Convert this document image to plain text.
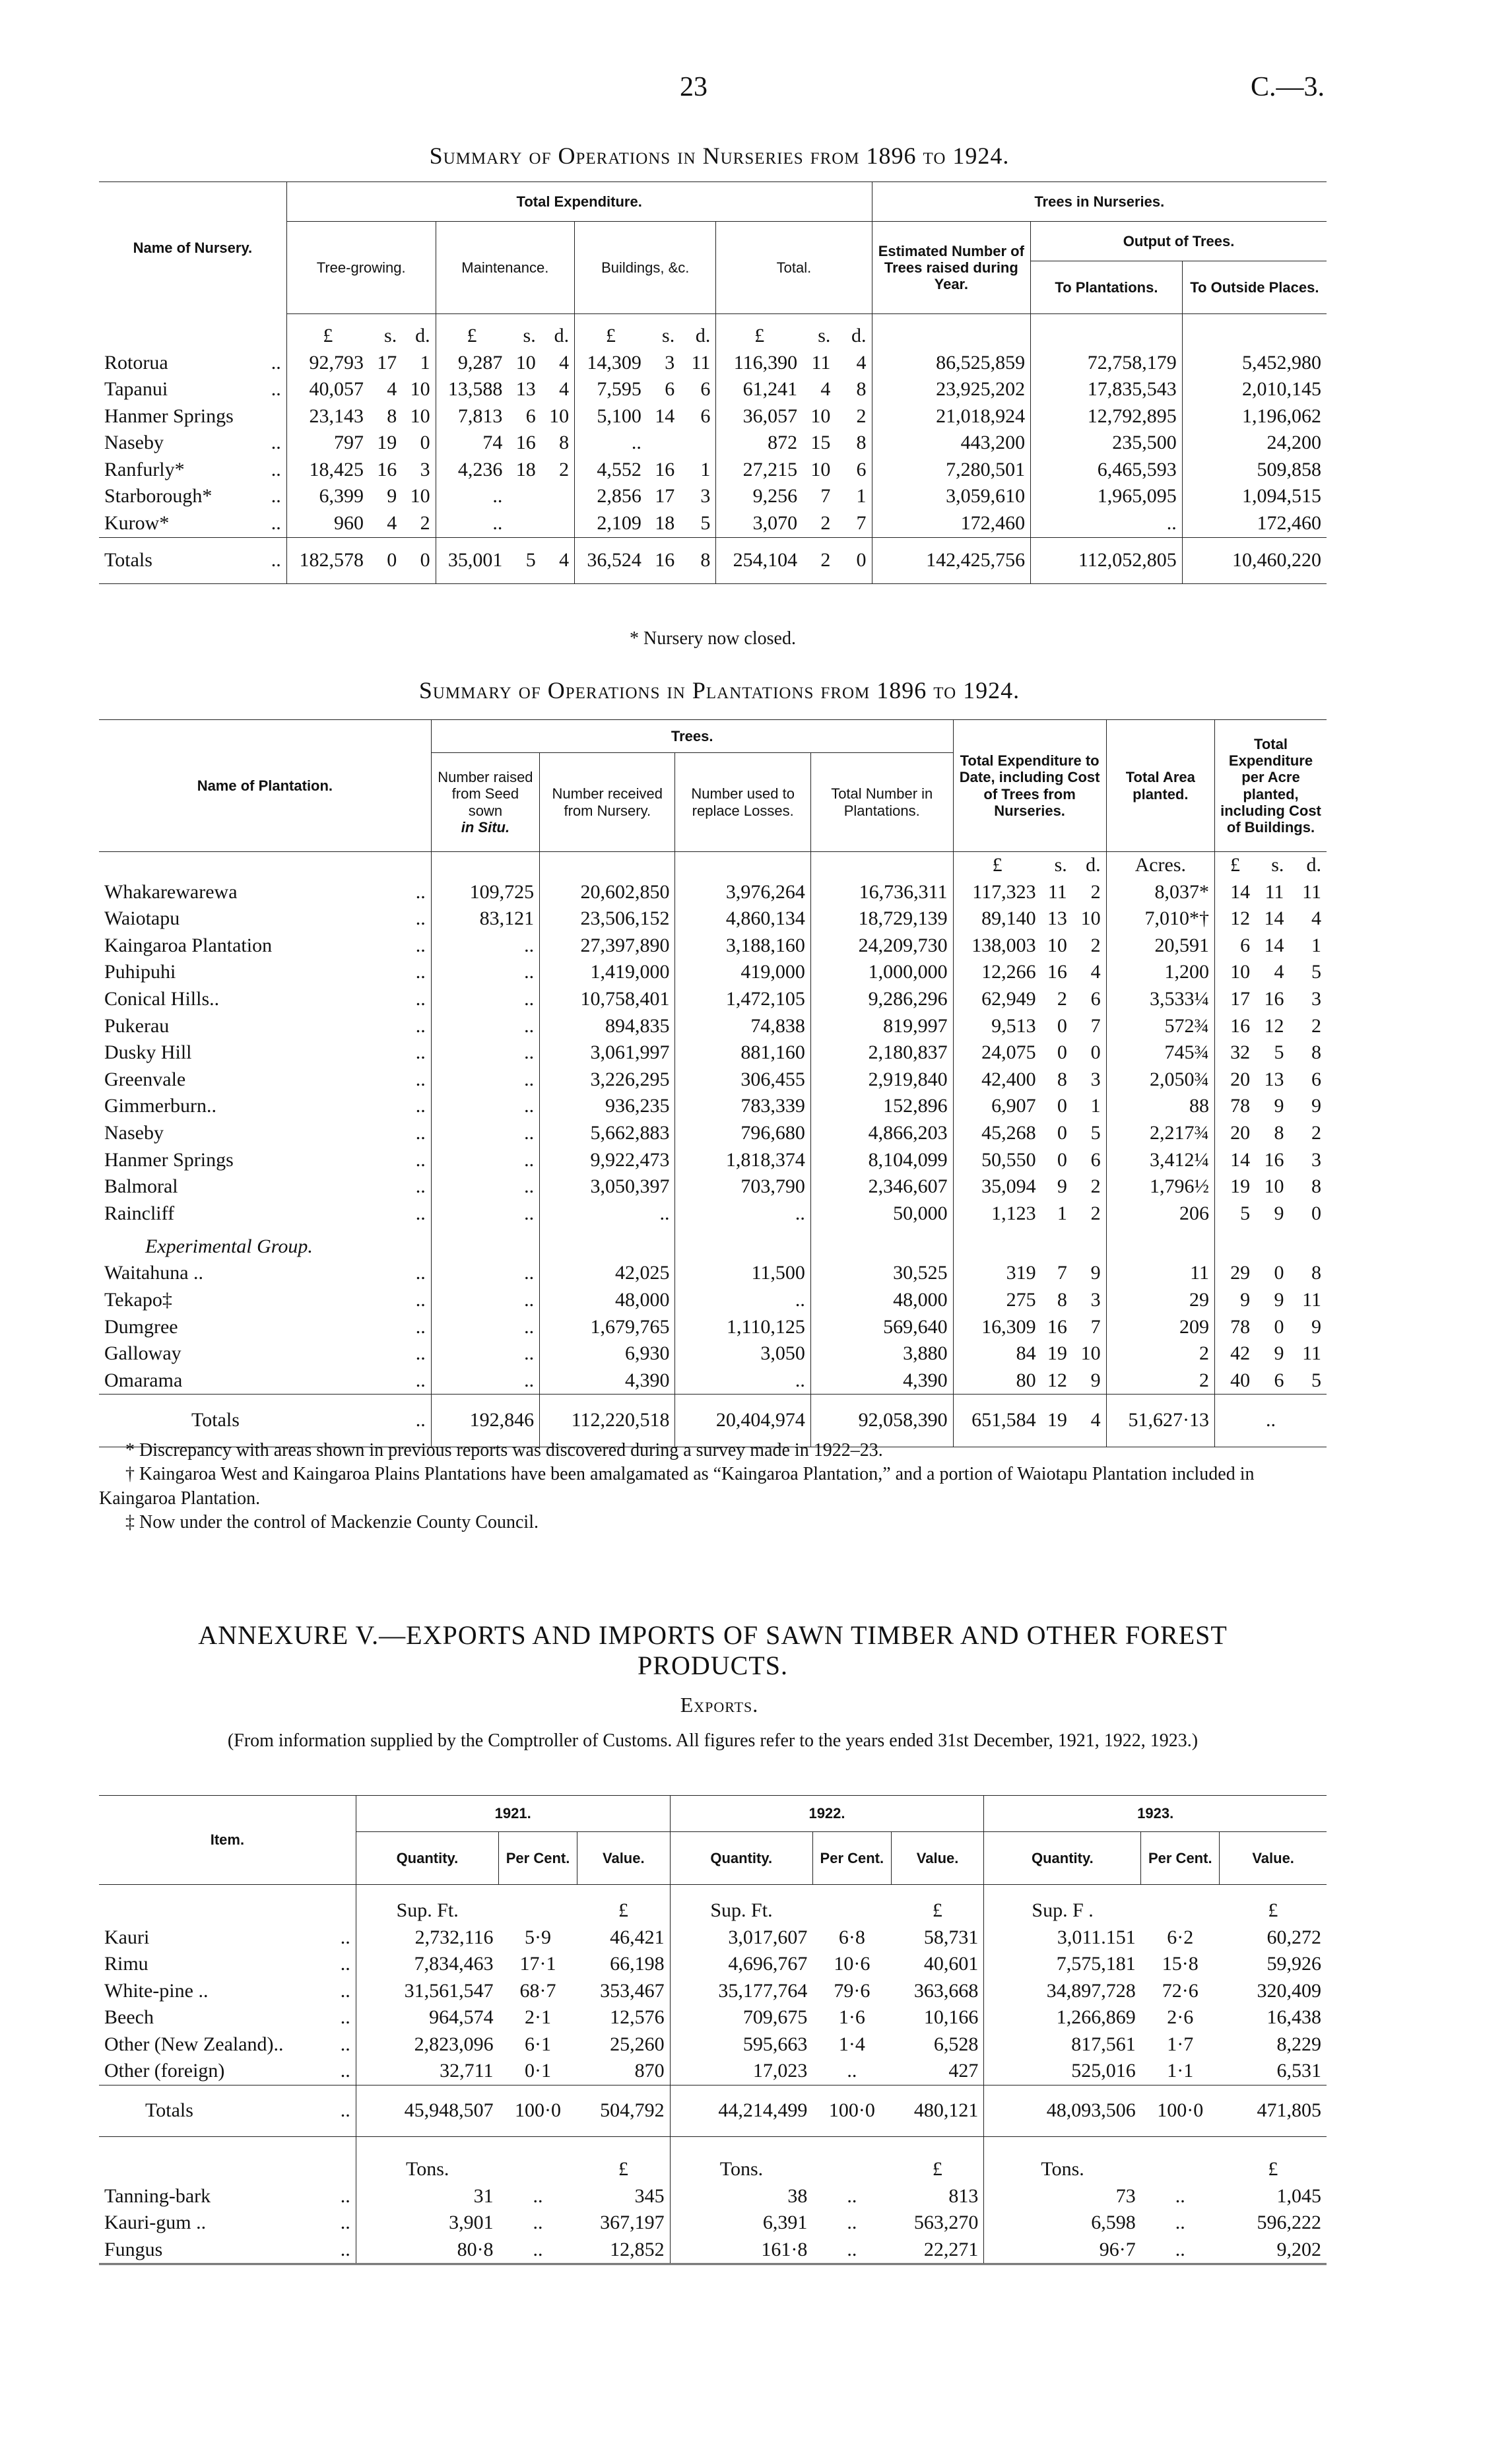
23	C.—3.
Summary of Operations in Nurseries from 1896 to 1924.
Name of Nursery.	Total Expenditure.												Trees in Nurseries.		
	Tree-growing.			Maintenance.			Buildings, &c.			Total.			Estimated Number of Trees raised during Year.	Output of Trees.	
														To Plantations.	To Outside Places.
	£	s.	d.	£	s.	d.	£	s.	d.	£	s.	d.			
Rotorua ..	92,793	17	1	9,287	10	4	14,309	3	11	116,390	11	4	86,525,859	72,758,179	5,452,980
Tapanui ..	40,057	4	10	13,588	13	4	7,595	6	6	61,241	4	8	23,925,202	17,835,543	2,010,145
Hanmer Springs	23,143	8	10	7,813	6	10	5,100	14	6	36,057	10	2	21,018,924	12,792,895	1,196,062
Naseby ..	797	19	0	74	16	8	..			872	15	8	443,200	235,500	24,200
Ranfurly* ..	18,425	16	3	4,236	18	2	4,552	16	1	27,215	10	6	7,280,501	6,465,593	509,858
Starborough* ..	6,399	9	10	..			2,856	17	3	9,256	7	1	3,059,610	1,965,095	1,094,515
Kurow* ..	960	4	2	..			2,109	18	5	3,070	2	7	172,460	..	172,460
Totals ..	182,578	0	0	35,001	5	4	36,524	16	8	254,104	2	0	142,425,756	112,052,805	10,460,220
* Nursery now closed.
Summary of Operations in Plantations from 1896 to 1924.
Name of Plantation.	Trees.				Total Expenditure to Date, including Cost of Trees from Nurseries.			Total Area planted.	Total Expenditure per Acre planted, including Cost of Buildings.		
	Number raised from Seed sown
in Situ.	Number received from Nursery.	Number used to replace Losses.	Total Number in Plantations.							
					£	s.	d.	Acres.	£	s.	d.
Whakarewarewa ..	109,725	20,602,850	3,976,264	16,736,311	117,323	11	2	8,037*	14	11	11
Waiotapu ..	83,121	23,506,152	4,860,134	18,729,139	89,140	13	10	7,010*†	12	14	4
Kaingaroa Plantation ..	..	27,397,890	3,188,160	24,209,730	138,003	10	2	20,591	6	14	1
Puhipuhi ..	..	1,419,000	419,000	1,000,000	12,266	16	4	1,200	10	4	5
Conical Hills.. ..	..	10,758,401	1,472,105	9,286,296	62,949	2	6	3,533¼	17	16	3
Pukerau ..	..	894,835	74,838	819,997	9,513	0	7	572¾	16	12	2
Dusky Hill ..	..	3,061,997	881,160	2,180,837	24,075	0	0	745¾	32	5	8
Greenvale ..	..	3,226,295	306,455	2,919,840	42,400	8	3	2,050¾	20	13	6
Gimmerburn.. ..	..	936,235	783,339	152,896	6,907	0	1	88	78	9	9
Naseby ..	..	5,662,883	796,680	4,866,203	45,268	0	5	2,217¾	20	8	2
Hanmer Springs ..	..	9,922,473	1,818,374	8,104,099	50,550	0	6	3,412¼	14	16	3
Balmoral ..	..	3,050,397	703,790	2,346,607	35,094	9	2	1,796½	19	10	8
Raincliff ..	..	..	..	50,000	1,123	1	2	206	5	9	0
Experimental Group.											
Waitahuna .. ..	..	42,025	11,500	30,525	319	7	9	11	29	0	8
Tekapo‡ ..	..	48,000	..	48,000	275	8	3	29	9	9	11
Dumgree ..	..	1,679,765	1,110,125	569,640	16,309	16	7	209	78	0	9
Galloway ..	..	6,930	3,050	3,880	84	19	10	2	42	9	11
Omarama ..	..	4,390	..	4,390	80	12	9	2	40	6	5
Totals ..	192,846	112,220,518	20,404,974	92,058,390	651,584	19	4	51,627·13	..		
* Discrepancy with areas shown in previous reports was discovered during a survey made in 1922–23.
† Kaingaroa West and Kaingaroa Plains Plantations have been amalgamated as “Kaingaroa Plantation,” and a portion of Waiotapu Plantation included in Kaingaroa Plantation.
‡ Now under the control of Mackenzie County Council.
ANNEXURE V.—EXPORTS AND IMPORTS OF SAWN TIMBER AND OTHER FOREST PRODUCTS.
Exports.
(From information supplied by the Comptroller of Customs. All figures refer to the years ended 31st December, 1921, 1922, 1923.)
Item.	1921.			1922.			1923.		
	Quantity.	Per Cent.	Value.	Quantity.	Per Cent.	Value.	Quantity.	Per Cent.	Value.
	Sup. Ft.		£	Sup. Ft.		£	Sup. F .		£
Kauri ..	2,732,116	5·9	46,421	3,017,607	6·8	58,731	3,011.151	6·2	60,272
Rimu ..	7,834,463	17·1	66,198	4,696,767	10·6	40,601	7,575,181	15·8	59,926
White-pine .. ..	31,561,547	68·7	353,467	35,177,764	79·6	363,668	34,897,728	72·6	320,409
Beech ..	964,574	2·1	12,576	709,675	1·6	10,166	1,266,869	2·6	16,438
Other (New Zealand).. ..	2,823,096	6·1	25,260	595,663	1·4	6,528	817,561	1·7	8,229
Other (foreign) ..	32,711	0·1	870	17,023	..	427	525,016	1·1	6,531
Totals ..	45,948,507	100·0	504,792	44,214,499	100·0	480,121	48,093,506	100·0	471,805
	Tons.		£	Tons.		£	Tons.		£
Tanning-bark ..	31	..	345	38	..	813	73	..	1,045
Kauri-gum .. ..	3,901	..	367,197	6,391	..	563,270	6,598	..	596,222
Fungus ..	80·8	..	12,852	161·8	..	22,271	96·7	..	9,202
